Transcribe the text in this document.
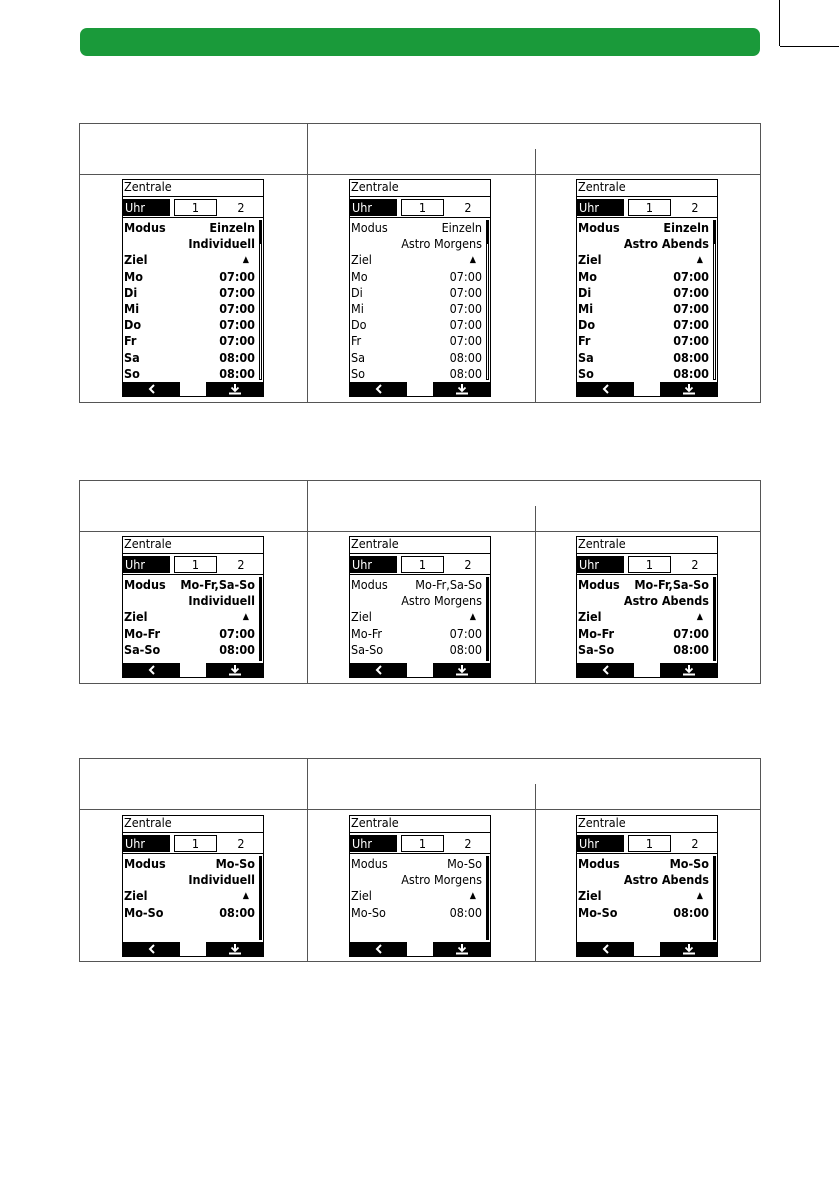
Zentrale
Uhr	1	2
Modus	Einzeln
Individuell
Ziel	▲
Mo	07:00
Di	07:00
Mi	07:00
Do	07:00
Fr	07:00
Sa	08:00
So	08:00
Zentrale
Uhr	1	2
Modus	Einzeln
Astro Morgens
Ziel	▲
Mo	07:00
Di	07:00
Mi	07:00
Do	07:00
Fr	07:00
Sa	08:00
So	08:00
Zentrale
Uhr	1	2
Modus	Einzeln
Astro Abends
Ziel	▲
Mo	07:00
Di	07:00
Mi	07:00
Do	07:00
Fr	07:00
Sa	08:00
So	08:00
Zentrale
Uhr	1	2
Modus Mo-Fr,Sa-So
Individuell
Ziel	▲
Mo-Fr	07:00
Sa-So	08:00
Zentrale
Uhr	1	2
Modus Mo-Fr,Sa-So
Astro Morgens
Ziel	▲
Mo-Fr	07:00
Sa-So	08:00
Zentrale
Uhr	1	2
Modus Mo-Fr,Sa-So
Astro Abends
Ziel	▲
Mo-Fr	07:00
Sa-So	08:00
Zentrale
Uhr	1	2
Modus	Mo-So
Individuell
Ziel	▲
Mo-So	08:00
Zentrale
Uhr	1	2
Modus	Mo-So
Astro Morgens
Ziel	▲
Mo-So	08:00
Zentrale
Uhr	1	2
Modus	Mo-So
Astro Abends
Ziel	▲
Mo-So	08:00
